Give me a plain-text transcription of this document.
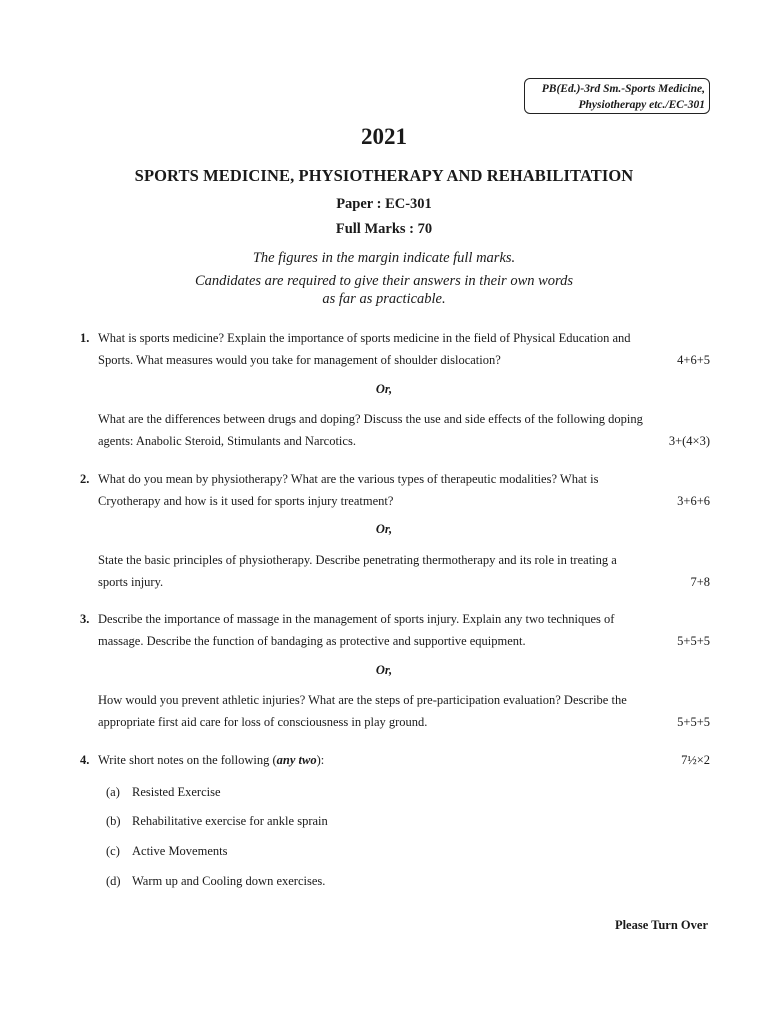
PB(Ed.)-3rd Sm.-Sports Medicine,
Physiotherapy etc./EC-301
2021
SPORTS MEDICINE, PHYSIOTHERAPY AND REHABILITATION
Paper : EC-301
Full Marks : 70
The figures in the margin indicate full marks.
Candidates are required to give their answers in their own words
as far as practicable.
1. What is sports medicine? Explain the importance of sports medicine in the field of Physical Education and
Sports. What measures would you take for management of shoulder dislocation?	4+6+5
Or,
What are the differences between drugs and doping? Discuss the use and side effects of the following doping
agents: Anabolic Steroid, Stimulants and Narcotics.	3+(4×3)
2. What do you mean by physiotherapy? What are the various types of therapeutic modalities? What is
Cryotherapy and how is it used for sports injury treatment?	3+6+6
Or,
State the basic principles of physiotherapy. Describe penetrating thermotherapy and its role in treating a
sports injury.	7+8
3. Describe the importance of massage in the management of sports injury. Explain any two techniques of
massage. Describe the function of bandaging as protective and supportive equipment.	5+5+5
Or,
How would you prevent athletic injuries? What are the steps of pre-participation evaluation? Describe the
appropriate first aid care for loss of consciousness in play ground.	5+5+5
4. Write short notes on the following (any two):	7½×2
(a) Resisted Exercise
(b) Rehabilitative exercise for ankle sprain
(c) Active Movements
(d) Warm up and Cooling down exercises.
Please Turn Over
